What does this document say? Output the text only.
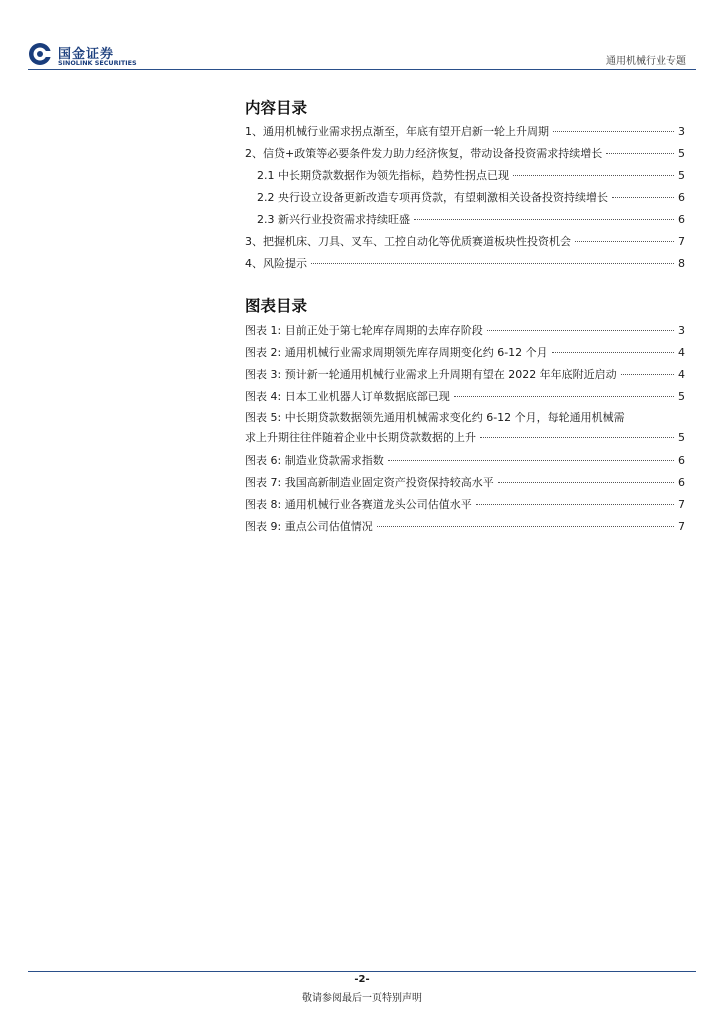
国金证券
SINOLINK SECURITIES	通用机械行业专题
内容目录
1、通用机械行业需求拐点渐至，年底有望开启新一轮上升周期	3
2、信贷+政策等必要条件发力助力经济恢复，带动设备投资需求持续增长	5
2.1 中长期贷款数据作为领先指标，趋势性拐点已现	5
2.2 央行设立设备更新改造专项再贷款，有望刺激相关设备投资持续增长	6
2.3 新兴行业投资需求持续旺盛	6
3、把握机床、刀具、叉车、工控自动化等优质赛道板块性投资机会	7
4、风险提示	8
图表目录
图表 1: 目前正处于第七轮库存周期的去库存阶段	3
图表 2: 通用机械行业需求周期领先库存周期变化约 6-12 个月	4
图表 3: 预计新一轮通用机械行业需求上升周期有望在 2022 年年底附近启动	4
图表 4: 日本工业机器人订单数据底部已现	5
图表 5: 中长期贷款数据领先通用机械需求变化约 6-12 个月，每轮通用机械需
求上升期往往伴随着企业中长期贷款数据的上升	5
图表 6: 制造业贷款需求指数	6
图表 7: 我国高新制造业固定资产投资保持较高水平	6
图表 8: 通用机械行业各赛道龙头公司估值水平	7
图表 9: 重点公司估值情况	7
-2-
敬请参阅最后一页特别声明
